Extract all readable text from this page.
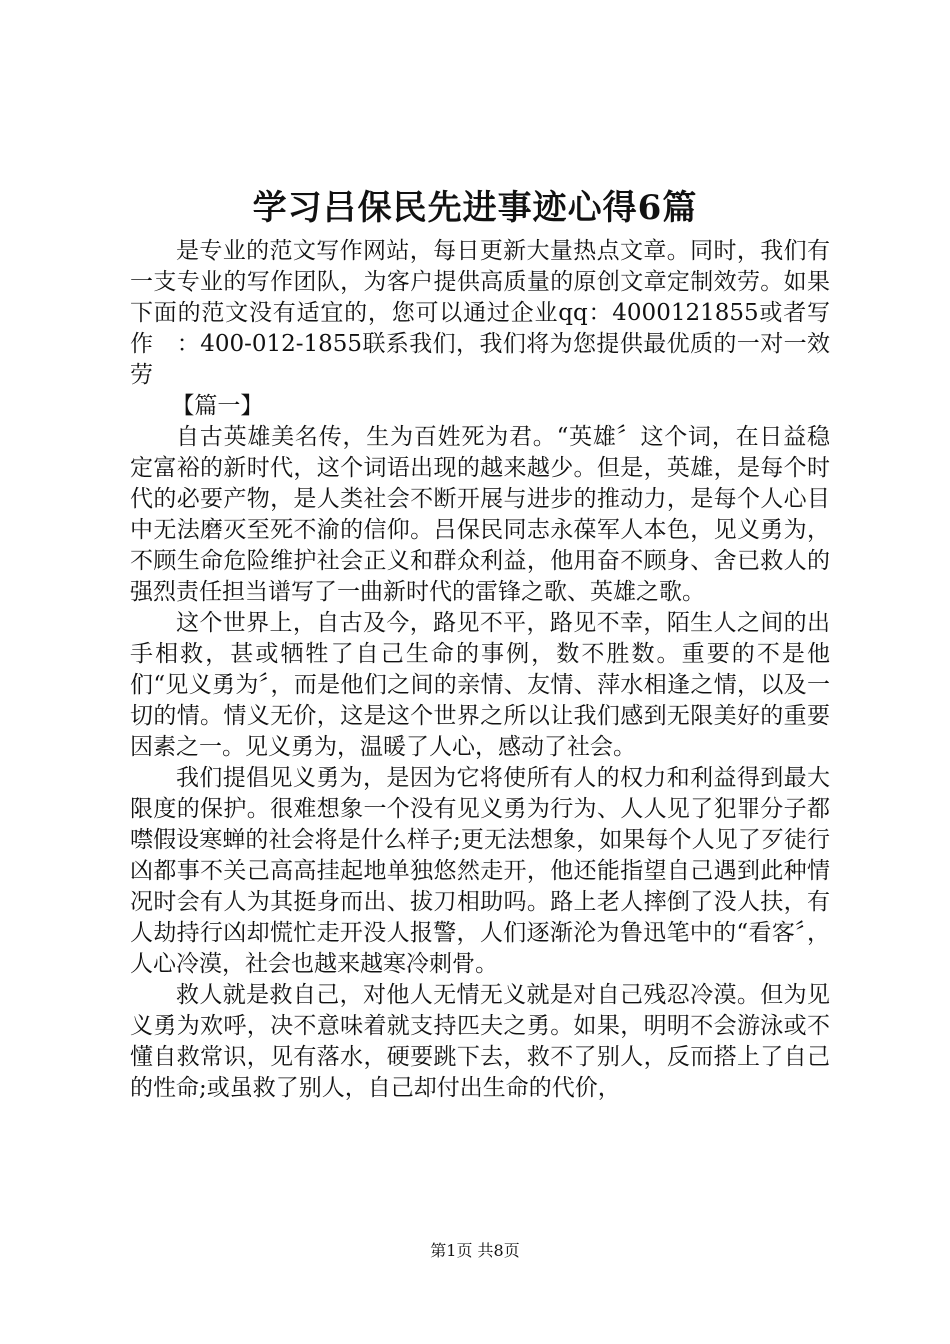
学习吕保民先进事迹心得6篇

是专业的范文写作网站，每日更新大量热点文章。同时，我们有一支专业的写作团队，为客户提供高质量的原创文章定制效劳。如果下面的范文没有适宜的，您可以通过企业qq：4000121855或者写作　：400-012-1855联系我们，我们将为您提供最优质的一对一效劳

【篇一】

自古英雄美名传，生为百姓死为君。“英雄〞这个词，在日益稳定富裕的新时代，这个词语出现的越来越少。但是，英雄，是每个时代的必要产物，是人类社会不断开展与进步的推动力，是每个人心目中无法磨灭至死不渝的信仰。吕保民同志永葆军人本色，见义勇为，不顾生命危险维护社会正义和群众利益，他用奋不顾身、舍已救人的强烈责任担当谱写了一曲新时代的雷锋之歌、英雄之歌。

这个世界上，自古及今，路见不平，路见不幸，陌生人之间的出手相救，甚或牺牲了自己生命的事例，数不胜数。重要的不是他们“见义勇为〞，而是他们之间的亲情、友情、萍水相逢之情，以及一切的情。情义无价，这是这个世界之所以让我们感到无限美好的重要因素之一。见义勇为，温暖了人心，感动了社会。

我们提倡见义勇为，是因为它将使所有人的权力和利益得到最大限度的保护。很难想象一个没有见义勇为行为、人人见了犯罪分子都噤假设寒蝉的社会将是什么样子;更无法想象，如果每个人见了歹徒行凶都事不关己高高挂起地单独悠然走开，他还能指望自己遇到此种情况时会有人为其挺身而出、拔刀相助吗。路上老人摔倒了没人扶，有人劫持行凶却慌忙走开没人报警，人们逐渐沦为鲁迅笔中的“看客〞，人心冷漠，社会也越来越寒冷刺骨。

救人就是救自己，对他人无情无义就是对自己残忍冷漠。但为见义勇为欢呼，决不意味着就支持匹夫之勇。如果，明明不会游泳或不懂自救常识，见有落水，硬要跳下去，救不了别人，反而搭上了自己的性命;或虽救了别人，自己却付出生命的代价，

第1页 共8页
